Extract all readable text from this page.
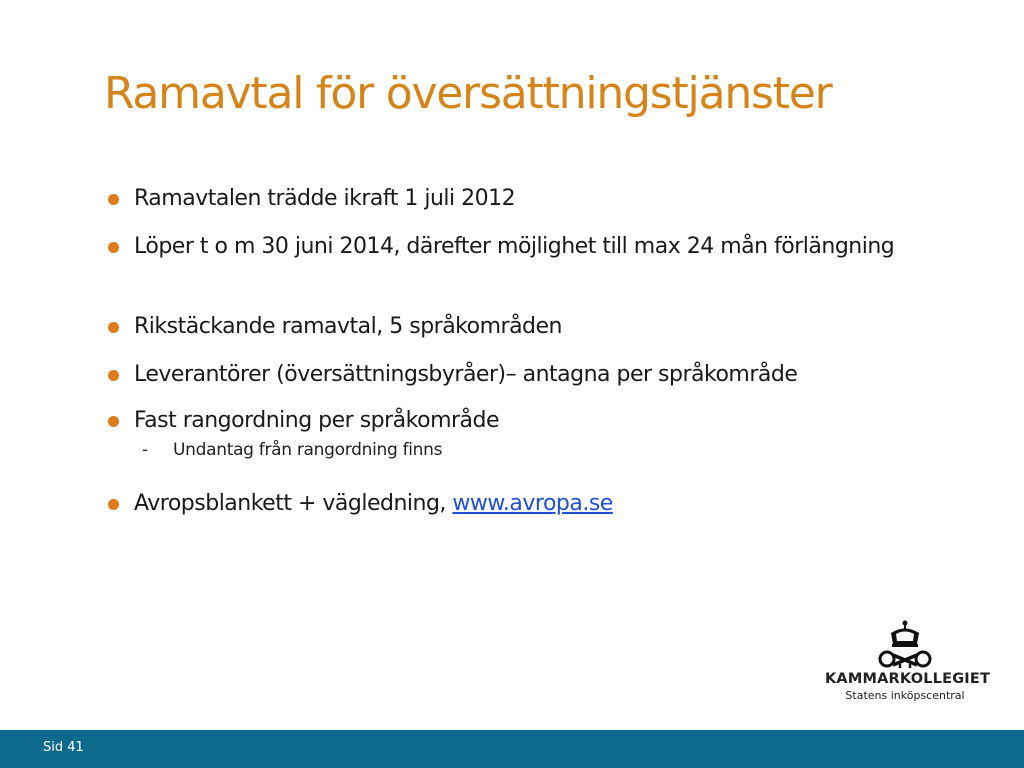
Ramavtal för översättningstjänster
Ramavtalen trädde ikraft 1 juli 2012
Löper t o m 30 juni 2014, därefter möjlighet till max 24 mån förlängning
Rikstäckande ramavtal, 5 språkområden
Leverantörer (översättningsbyråer)– antagna per språkområde
Fast rangordning per språkområde
- Undantag från rangordning finns
Avropsblankett + vägledning, www.avropa.se
KAMMARKOLLEGIET
Statens inköpscentral
Sid 41
